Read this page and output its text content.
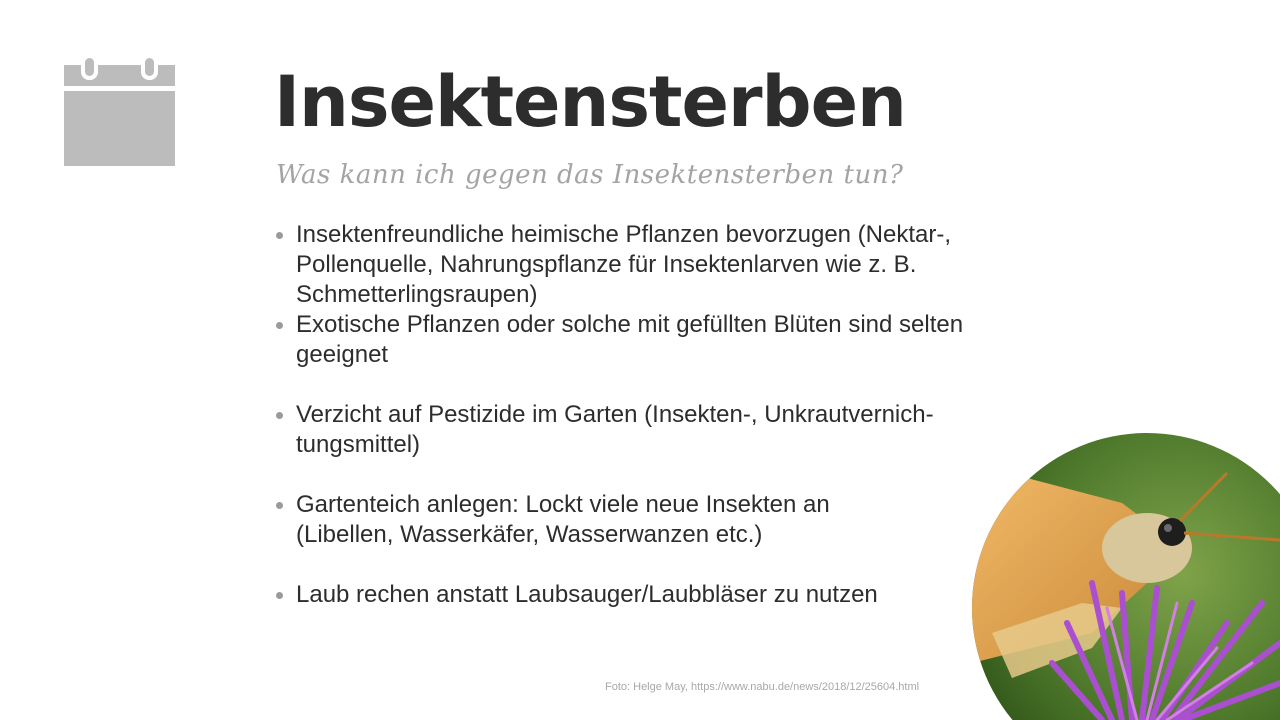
Insektensterben

Was kann ich gegen das Insektensterben tun?

Insektenfreundliche heimische Pflanzen bevorzugen (Nektar-,
Pollenquelle, Nahrungspflanze für Insektenlarven wie z. B.
Schmetterlingsraupen)
Exotische Pflanzen oder solche mit gefüllten Blüten sind selten
geeignet
Verzicht auf Pestizide im Garten (Insekten-, Unkrautvernich-
tungsmittel)
Gartenteich anlegen: Lockt viele neue Insekten an
(Libellen, Wasserkäfer, Wasserwanzen etc.)
Laub rechen anstatt Laubsauger/Laubbläser zu nutzen
Foto: Helge May, https://www.nabu.de/news/2018/12/25604.html
